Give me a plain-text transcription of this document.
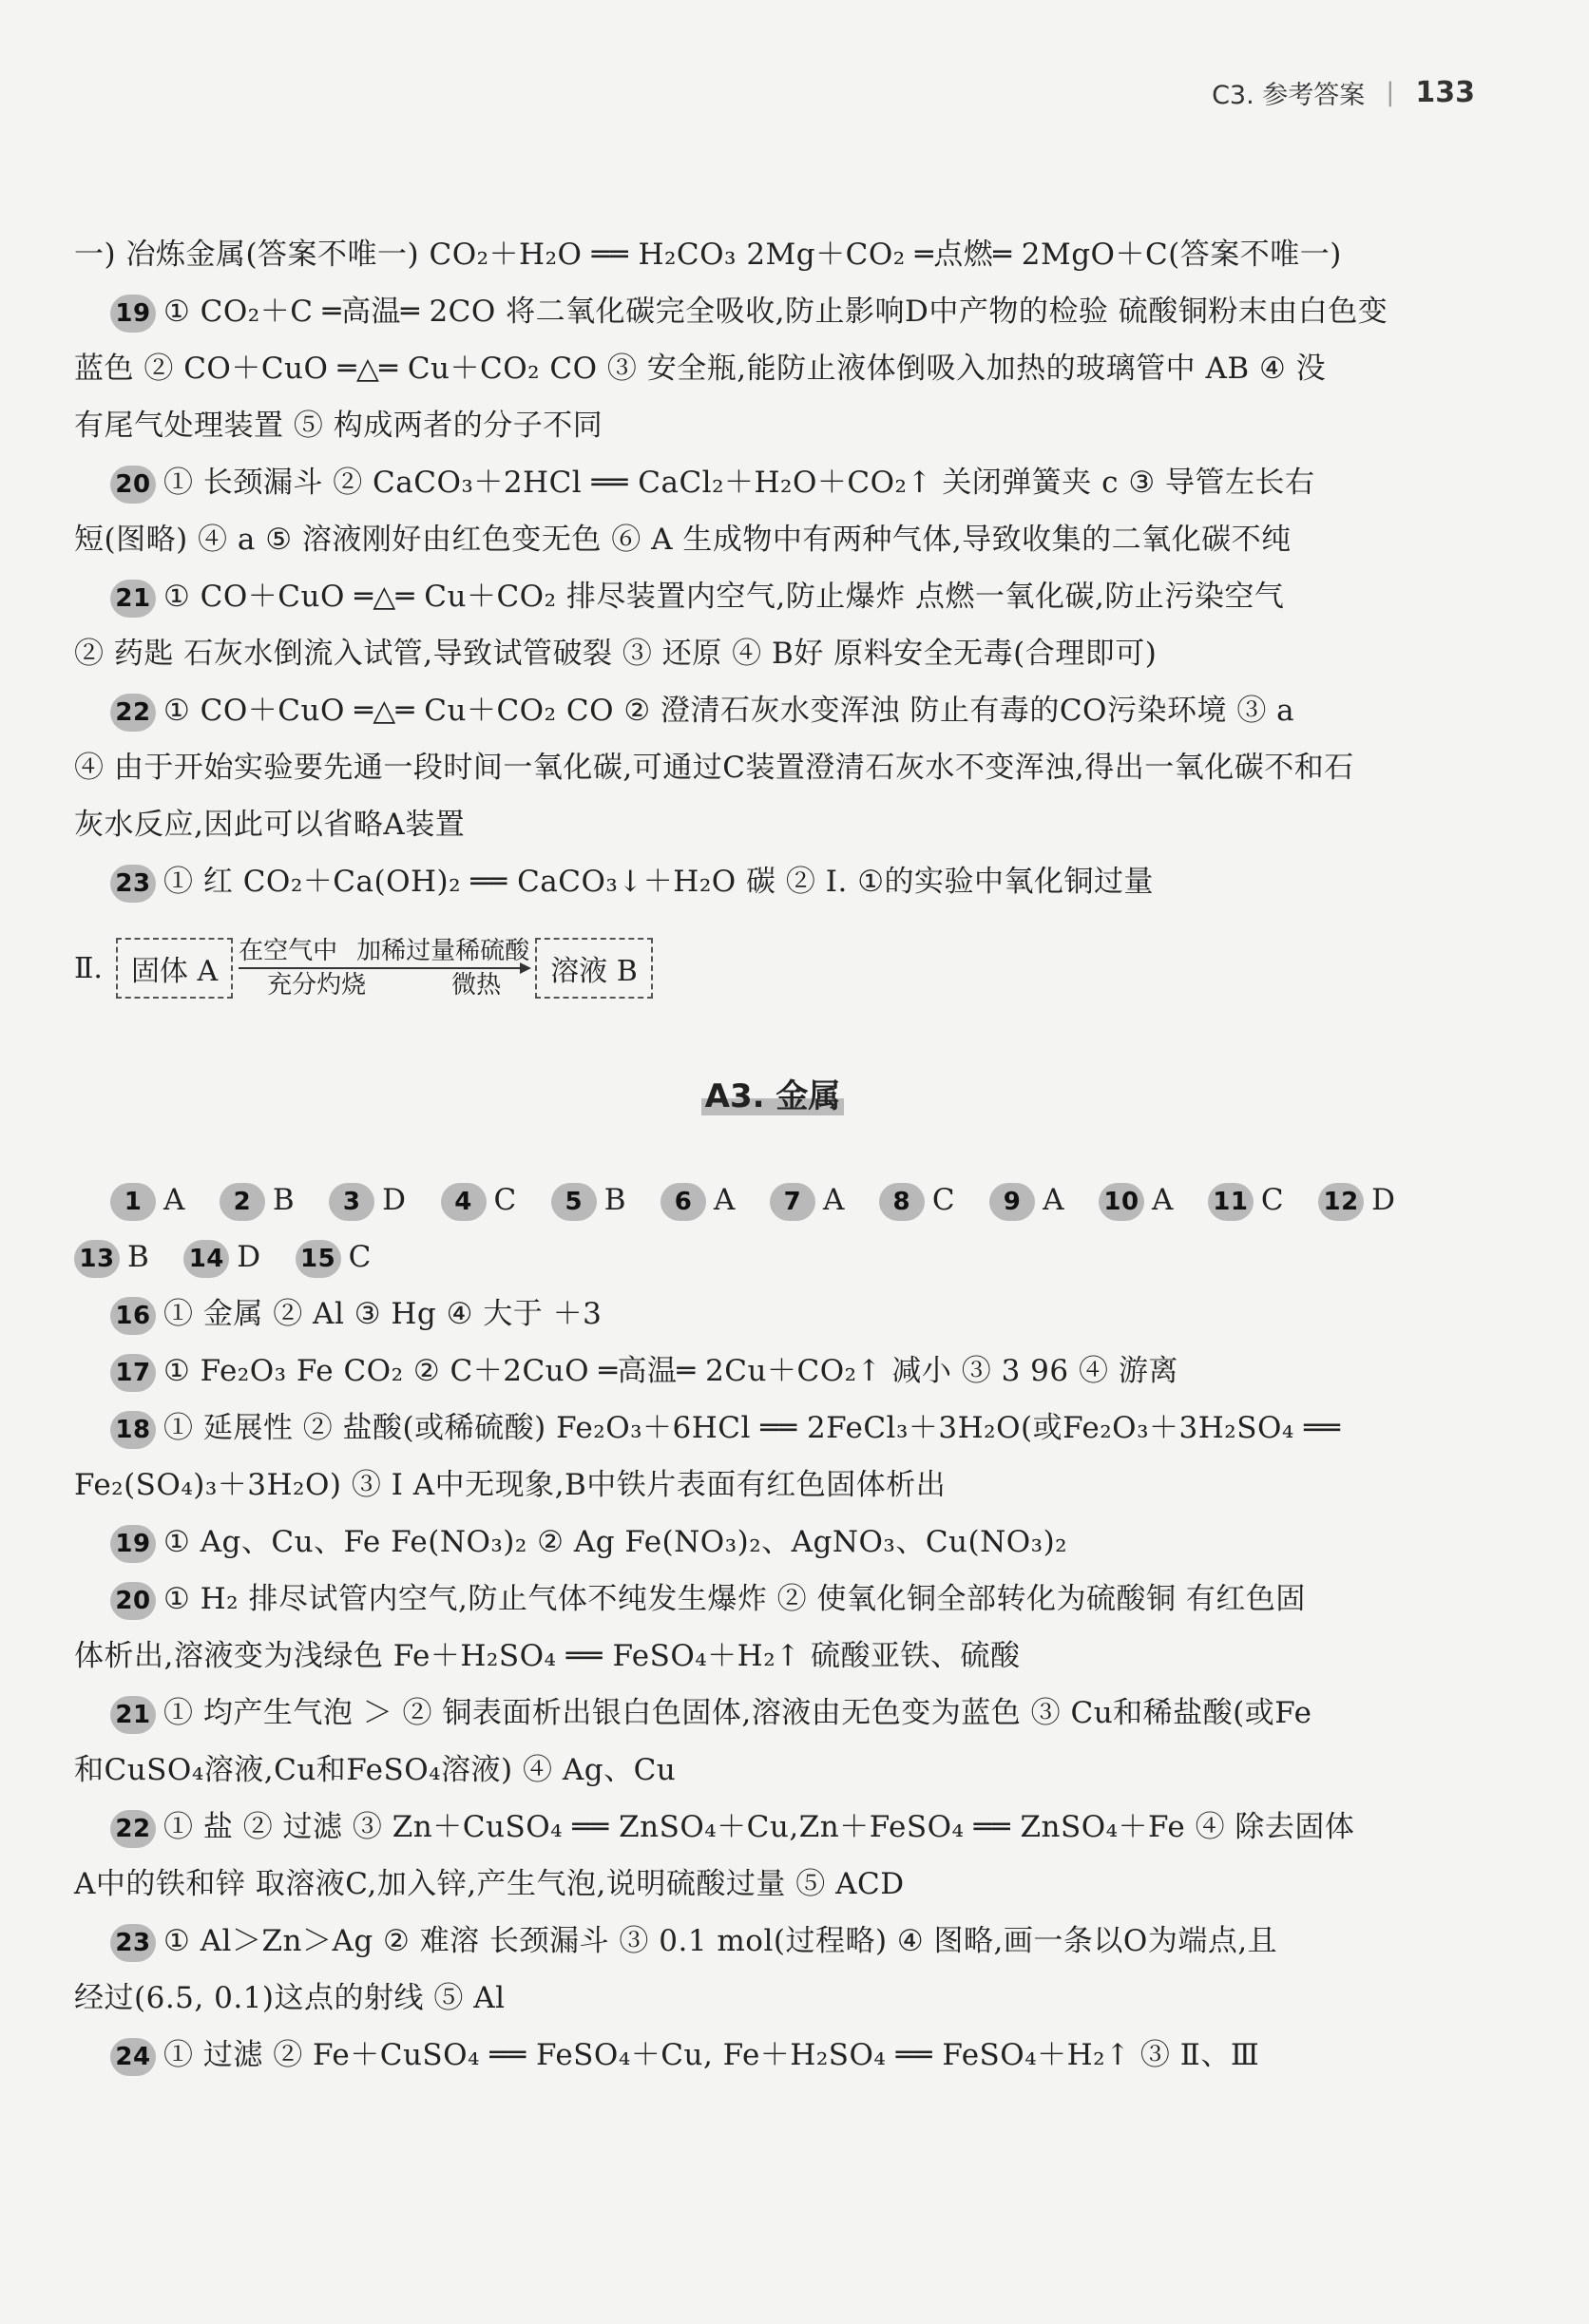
C3. 参考答案 | 133
一) 冶炼金属(答案不唯一) CO₂＋H₂O ══ H₂CO₃ 2Mg＋CO₂ ═点燃═ 2MgO＋C(答案不唯一)
19 ① CO₂＋C ═高温═ 2CO 将二氧化碳完全吸收,防止影响D中产物的检验 硫酸铜粉末由白色变
蓝色 ② CO＋CuO ═△═ Cu＋CO₂ CO ③ 安全瓶,能防止液体倒吸入加热的玻璃管中 AB ④ 没
有尾气处理装置 ⑤ 构成两者的分子不同
20 ① 长颈漏斗 ② CaCO₃＋2HCl ══ CaCl₂＋H₂O＋CO₂↑ 关闭弹簧夹 c ③ 导管左长右
短(图略) ④ a ⑤ 溶液刚好由红色变无色 ⑥ A 生成物中有两种气体,导致收集的二氧化碳不纯
21 ① CO＋CuO ═△═ Cu＋CO₂ 排尽装置内空气,防止爆炸 点燃一氧化碳,防止污染空气
② 药匙 石灰水倒流入试管,导致试管破裂 ③ 还原 ④ B好 原料安全无毒(合理即可)
22 ① CO＋CuO ═△═ Cu＋CO₂ CO ② 澄清石灰水变浑浊 防止有毒的CO污染环境 ③ a
④ 由于开始实验要先通一段时间一氧化碳,可通过C装置澄清石灰水不变浑浊,得出一氧化碳不和石
灰水反应,因此可以省略A装置
23 ① 红 CO₂＋Ca(OH)₂ ══ CaCO₃↓＋H₂O 碳 ② Ⅰ. ①的实验中氧化铜过量
Ⅱ.	固体 A
在空气中 加稀过量稀硫酸
充分灼烧	微热	溶液 B
A3. 金属
1 A 2 B 3 D 4 C 5 B 6 A 7 A 8 C 9 A 10 A 11 C 12 D
13 B 14 D 15 C
16 ① 金属 ② Al ③ Hg ④ 大于 ＋3
17 ① Fe₂O₃ Fe CO₂ ② C＋2CuO ═高温═ 2Cu＋CO₂↑ 减小 ③ 3 96 ④ 游离
18 ① 延展性 ② 盐酸(或稀硫酸) Fe₂O₃＋6HCl ══ 2FeCl₃＋3H₂O(或Fe₂O₃＋3H₂SO₄ ══
Fe₂(SO₄)₃＋3H₂O) ③ Ⅰ A中无现象,B中铁片表面有红色固体析出
19 ① Ag、Cu、Fe Fe(NO₃)₂ ② Ag Fe(NO₃)₂、AgNO₃、Cu(NO₃)₂
20 ① H₂ 排尽试管内空气,防止气体不纯发生爆炸 ② 使氧化铜全部转化为硫酸铜 有红色固
体析出,溶液变为浅绿色 Fe＋H₂SO₄ ══ FeSO₄＋H₂↑ 硫酸亚铁、硫酸
21 ① 均产生气泡 ＞ ② 铜表面析出银白色固体,溶液由无色变为蓝色 ③ Cu和稀盐酸(或Fe
和CuSO₄溶液,Cu和FeSO₄溶液) ④ Ag、Cu
22 ① 盐 ② 过滤 ③ Zn＋CuSO₄ ══ ZnSO₄＋Cu,Zn＋FeSO₄ ══ ZnSO₄＋Fe ④ 除去固体
A中的铁和锌 取溶液C,加入锌,产生气泡,说明硫酸过量 ⑤ ACD
23 ① Al＞Zn＞Ag ② 难溶 长颈漏斗 ③ 0.1 mol(过程略) ④ 图略,画一条以O为端点,且
经过(6.5, 0.1)这点的射线 ⑤ Al
24 ① 过滤 ② Fe＋CuSO₄ ══ FeSO₄＋Cu, Fe＋H₂SO₄ ══ FeSO₄＋H₂↑ ③ Ⅱ、Ⅲ
